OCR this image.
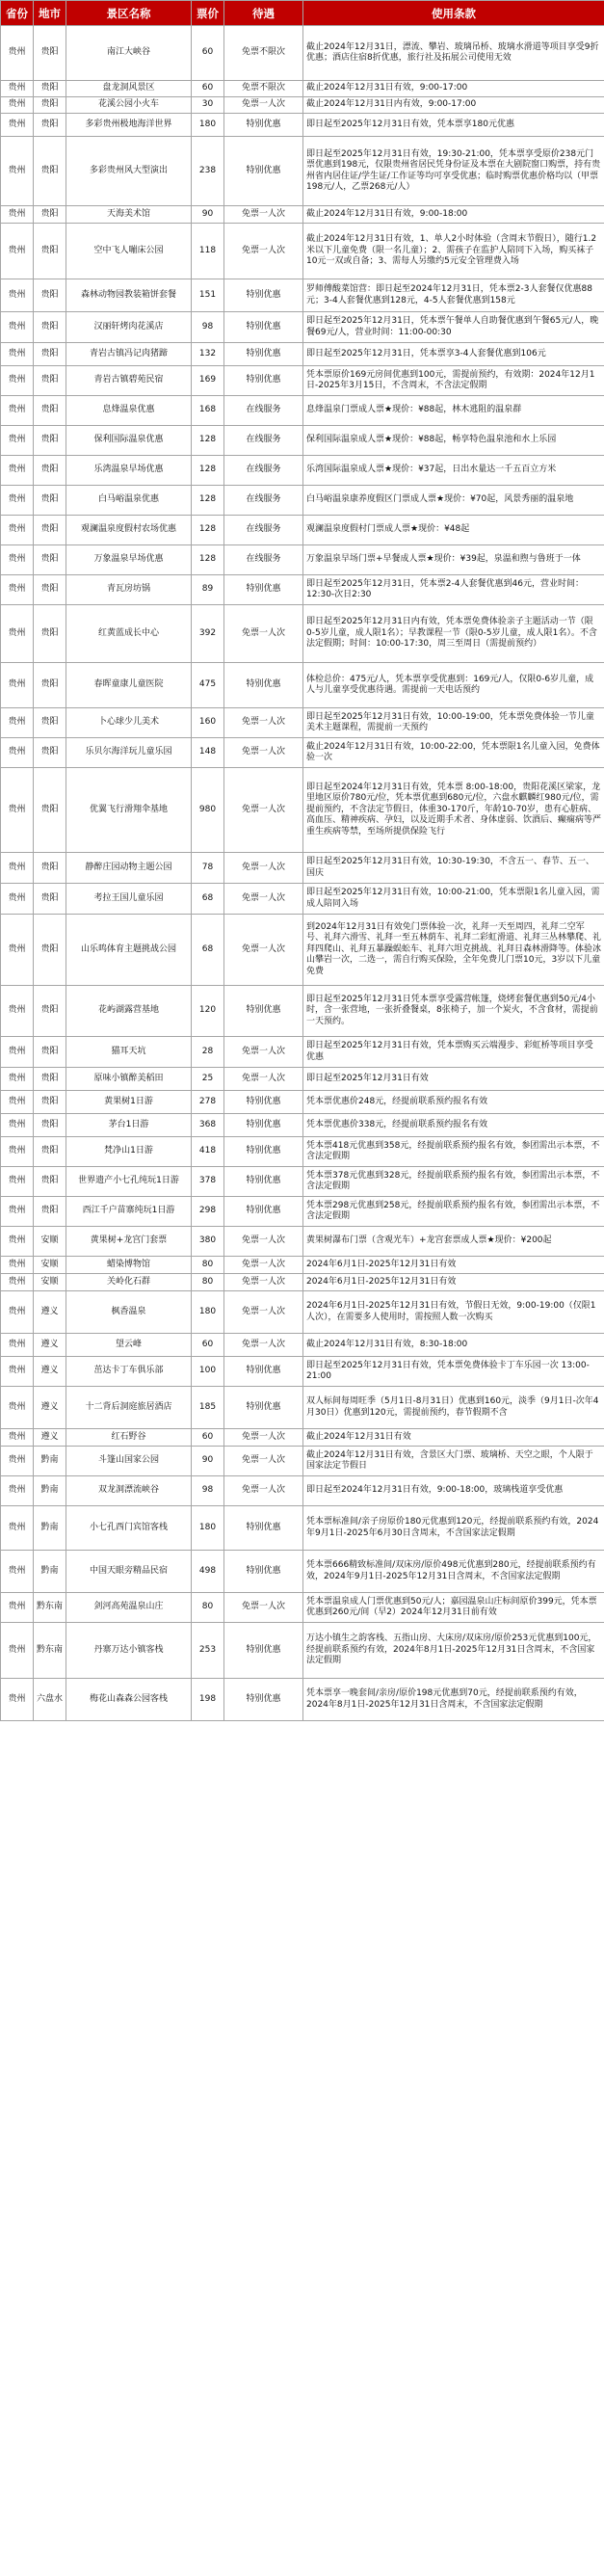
省份	地市	景区名称	票价	待遇	使用条款
贵州	贵阳	南江大峡谷	60	免票不限次	截止2024年12月31日，漂流、攀岩、玻璃吊桥、玻璃水滑道等项目享受9折优惠；酒店住宿8折优惠，旅行社及拓展公司使用无效
贵州	贵阳	盘龙洞风景区	60	免票不限次	截止2024年12月31日有效，9:00-17:00
贵州	贵阳	花溪公园小火车	30	免票一人次	截止2024年12月31日内有效，9:00-17:00
贵州	贵阳	多彩贵州极地海洋世界	180	特别优惠	即日起至2025年12月31日有效，凭本票享180元优惠
贵州	贵阳	多彩贵州风大型演出	238	特别优惠	即日起至2025年12月31日有效，19:30-21:00，凭本票享受原价238元门票优惠到198元，仅限贵州省居民凭身份证及本票在大剧院窗口购票，持有贵州省内居住证/学生证/工作证等均可享受优惠；临时购票优惠价格均以（甲票198元/人，乙票268元/人）
贵州	贵阳	天海美术馆	90	免票一人次	截止2024年12月31日有效，9:00-18:00
贵州	贵阳	空中飞人嘣床公园	118	免票一人次	截止2024年12月31日有效，1、单人2小时体验（含周末节假日），随行1.2米以下儿童免费（限一名儿童）；2、需孩子在监护人陪同下入场，购买袜子10元一双或自备；3、需每人另缴约5元安全管理费入场
贵州	贵阳	森林动物园教装箱饼套餐	151	特别优惠	罗师傅酸菜馆营：即日起至2024年12月31日，凭本票2-3人套餐仅优惠88元；3-4人套餐优惠到128元，4-5人套餐优惠到158元
贵州	贵阳	汉丽轩烤肉花溪店	98	特别优惠	即日起至2025年12月31日，凭本票午餐单人自助餐优惠到午餐65元/人，晚餐69元/人，营业时间：11:00-00:30
贵州	贵阳	青岩古镇冯记肉猪蹄	132	特别优惠	即日起至2025年12月31日，凭本票享3-4人套餐优惠到106元
贵州	贵阳	青岩古镇碧苑民宿	169	特别优惠	凭本票原价169元房间优惠到100元，需提前预约，有效期：2024年12月1日-2025年3月15日，不含周末，不含法定假期
贵州	贵阳	息烽温泉优惠	168	在线服务	息烽温泉门票成人票★现价：¥88起，林木逃阻的温泉群
贵州	贵阳	保利国际温泉优惠	128	在线服务	保利国际温泉成人票★现价：¥88起，畅享特色温泉池和水上乐园
贵州	贵阳	乐湾温泉早场优惠	128	在线服务	乐湾国际温泉成人票★现价：¥37起，日出水量达一千五百立方米
贵州	贵阳	白马峪温泉优惠	128	在线服务	白马峪温泉康养度假区门票成人票★现价：¥70起，风景秀丽的温泉地
贵州	贵阳	观澜温泉度假村农场优惠	128	在线服务	观澜温泉度假村门票成人票★现价：¥48起
贵州	贵阳	万象温泉早场优惠	128	在线服务	万象温泉早场门票+早餐成人票★现价：¥39起，泉温和煦与鲁班于一体
贵州	贵阳	青瓦房坊锅	89	特别优惠	即日起至2025年12月31日，凭本票2-4人套餐优惠到46元，营业时间：12:30-次日2:30
贵州	贵阳	红黄蓝成长中心	392	免票一人次	即日起至2025年12月31日内有效，凭本票免费体验亲子主题活动一节（限0-5岁儿童，成人限1名）；早教课程一节（限0-5岁儿童，成人限1名）。不含法定假期；时间：10:00-17:30，周三至周日（需提前预约）
贵州	贵阳	春晖童康儿童医院	475	特别优惠	体检总价：475元/人，凭本票享受优惠到：169元/人，仅限0-6岁儿童，成人与儿童享受优惠待遇。需提前一天电话预约
贵州	贵阳	卜心球少儿美术	160	免票一人次	即日起至2025年12月31日有效，10:00-19:00，凭本票免费体验一节儿童美术主题课程，需提前一天预约
贵州	贵阳	乐贝尔海洋玩儿童乐园	148	免票一人次	截止2024年12月31日有效，10:00-22:00，凭本票限1名儿童入园，免费体验一次
贵州	贵阳	优翼飞行滑翔伞基地	980	免票一人次	即日起至2024年12月31日有效，凭本票 8:00-18:00，贵阳花溪区梁家，龙里地区原价780元/位，凭本票优惠到680元/位，六盘水麒麟红980元/位，需提前预约，不含法定节假日，体重30-170斤，年龄10-70岁，患有心脏病、高血压、精神疾病、孕妇，以及近期手术者、身体虚弱、饮酒后、癫痫病等严重生疾病等禁，至场所提供保险飞行
贵州	贵阳	静醉庄园动物主题公园	78	免票一人次	即日起至2025年12月31日有效，10:30-19:30，不含五一、春节、五一、国庆
贵州	贵阳	考拉王国儿童乐园	68	免票一人次	即日起至2025年12月31日有效，10:00-21:00，凭本票限1名儿童入园，需成人陪同入场
贵州	贵阳	山乐鸣体育主题挑战公园	68	免票一人次	到2024年12月31日有效免门票体验一次，礼拜一天至周四，礼拜二空军号、礼拜六滑雪、礼拜一至五林荫车、礼拜二彩虹滑道、礼拜三丛林攀爬、礼拜四爬山、礼拜五暴躁蜈蚣车、礼拜六坦克挑战、礼拜日森林滑降等。体验冰山攀岩一次，二选一，需自行购买保险，全年免费儿门票10元，3岁以下儿童免费
贵州	贵阳	花屿湖露营基地	120	特别优惠	即日起至2025年12月31日凭本票享受露营帐篷，烧烤套餐优惠到50元/4小时，含一张营地，一张折叠餐桌，8张椅子，加一个炭火，不含食材，需提前一天预约。
贵州	贵阳	猫耳天坑	28	免票一人次	即日起至2025年12月31日有效，凭本票购买云端漫步、彩虹桥等项目享受优惠
贵州	贵阳	原味小镇醉美稻田	25	免票一人次	即日起至2025年12月31日有效
贵州	贵阳	黄果树1日游	278	特别优惠	凭本票优惠价248元，经提前联系预约报名有效
贵州	贵阳	茅台1日游	368	特别优惠	凭本票优惠价338元，经提前联系预约报名有效
贵州	贵阳	梵净山1日游	418	特别优惠	凭本票418元优惠到358元，经提前联系预约报名有效，参团需出示本票，不含法定假期
贵州	贵阳	世界遗产小七孔纯玩1日游	378	特别优惠	凭本票378元优惠到328元，经提前联系预约报名有效，参团需出示本票，不含法定假期
贵州	贵阳	西江千户苗寨纯玩1日游	298	特别优惠	凭本票298元优惠到258元，经提前联系预约报名有效，参团需出示本票，不含法定假期
贵州	安顺	黄果树+龙宫门套票	380	免票一人次	黄果树瀑布门票（含观光车）+龙宫套票成人票★现价：¥200起
贵州	安顺	蜡染博物馆	80	免票一人次	2024年6月1日-2025年12月31日有效
贵州	安顺	关岭化石群	80	免票一人次	2024年6月1日-2025年12月31日有效
贵州	遵义	枫香温泉	180	免票一人次	2024年6月1日-2025年12月31日有效，节假日无效，9:00-19:00（仅限1人次），在需要多人使用时，需按照人数一次购买
贵州	遵义	望云峰	60	免票一人次	截止2024年12月31日有效，8:30-18:00
贵州	遵义	茁达卡丁车俱乐部	100	特别优惠	即日起至2025年12月31日有效，凭本票免费体验卡丁车乐园一次 13:00-21:00
贵州	遵义	十二背后洞庭旅居酒店	185	特别优惠	双人标间每周旺季（5月1日-8月31日）优惠到160元，淡季（9月1日-次年4月30日）优惠到120元，需提前预约，春节假期不含
贵州	遵义	红石野谷	60	免票一人次	截止2024年12月31日有效
贵州	黔南	斗篷山国家公园	90	免票一人次	截止2024年12月31日有效，含景区大门票、玻璃桥、天空之眼，个人限于国家法定节假日
贵州	黔南	双龙洞漂流峡谷	98	免票一人次	即日起至2024年12月31日有效，9:00-18:00，玻璃栈道享受优惠
贵州	黔南	小七孔西门宾馆客栈	180	特别优惠	凭本票标准间/亲子房原价180元优惠到120元，经提前联系预约有效，2024年9月1日-2025年6月30日含周末，不含国家法定假期
贵州	黔南	中国天眼旁精品民宿	498	特别优惠	凭本票666精致标准间/双床房/原价498元优惠到280元，经提前联系预约有效，2024年9月1日-2025年12月31日含周末，不含国家法定假期
贵州	黔东南	剑河高苑温泉山庄	80	免票一人次	凭本票温泉成人门票优惠到50元/人；嘉园温泉山庄标间原价399元，凭本票优惠到260元/间（早2）2024年12月31日前有效
贵州	黔东南	丹寨万达小镇客栈	253	特别优惠	万达小镇生之韵客栈、五指山房、大床房/双床房/原价253元优惠到100元，经提前联系预约有效，2024年8月1日-2025年12月31日含周末，不含国家法定假期
贵州	六盘水	梅花山森森公园客栈	198	特别优惠	凭本票享一晚套间/亲房/原价198元优惠到70元，经提前联系预约有效，2024年8月1日-2025年12月31日含周末，不含国家法定假期
